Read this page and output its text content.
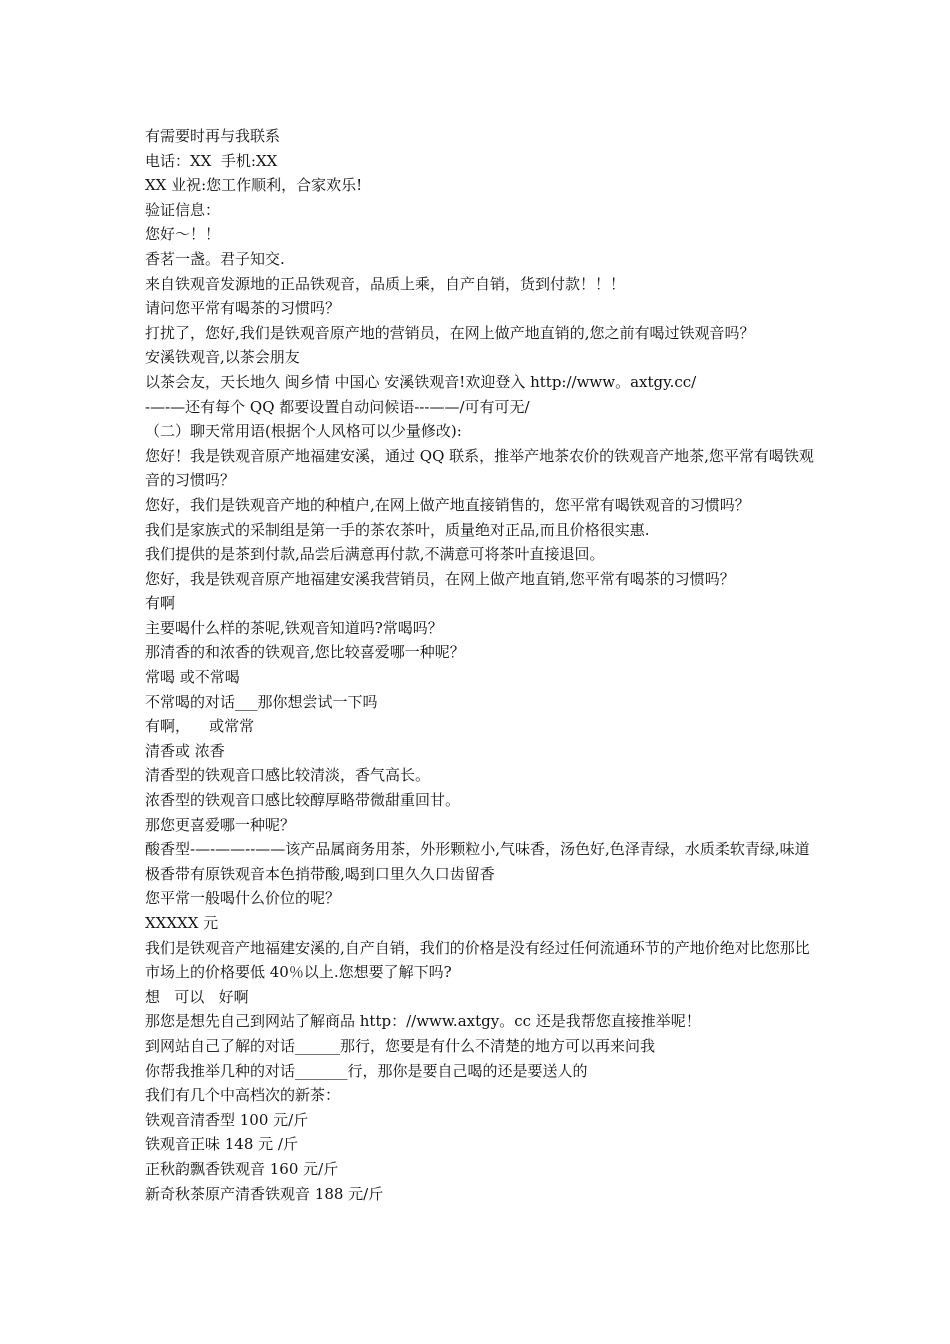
有需要时再与我联系

电话：XX  手机:XX

XX 业祝:您工作顺利，合家欢乐!

验证信息：

您好～！！

香茗一盏。君子知交.

来自铁观音发源地的正品铁观音，品质上乘，自产自销，货到付款！！！

请问您平常有喝茶的习惯吗？

打扰了，您好,我们是铁观音原产地的营销员，在网上做产地直销的,您之前有喝过铁观音吗？

安溪铁观音,以茶会朋友

以茶会友，天长地久 闽乡情 中国心 安溪铁观音!欢迎登入 http://www。axtgy.cc/

-—-—还有每个 QQ 都要设置自动问候语---——/可有可无/

（二）聊天常用语(根据个人风格可以少量修改):

您好！我是铁观音原产地福建安溪，通过 QQ 联系，推举产地茶农价的铁观音产地茶,您平常有喝铁观音的习惯吗？

您好，我们是铁观音产地的种植户,在网上做产地直接销售的，您平常有喝铁观音的习惯吗？

我们是家族式的采制组是第一手的茶农茶叶，质量绝对正品,而且价格很实惠.

我们提供的是茶到付款,品尝后满意再付款,不满意可将茶叶直接退回。

您好，我是铁观音原产地福建安溪我营销员，在网上做产地直销,您平常有喝茶的习惯吗？

有啊

主要喝什么样的茶呢,铁观音知道吗?常喝吗？

那清香的和浓香的铁观音,您比较喜爱哪一种呢？

常喝 或不常喝

不常喝的对话___那你想尝试一下吗

有啊，    或常常

清香或 浓香

清香型的铁观音口感比较清淡，香气高长。

浓香型的铁观音口感比较醇厚略带微甜重回甘。

那您更喜爱哪一种呢？

酸香型-—-——--——该产品属商务用茶，外形颗粒小,气味香，汤色好,色泽青绿，水质柔软青绿,味道极香带有原铁观音本色捎带酸,喝到口里久久口齿留香

您平常一般喝什么价位的呢？

XXXXX 元

我们是铁观音产地福建安溪的,自产自销，我们的价格是没有经过任何流通环节的产地价绝对比您那比市场上的价格要低 40％以上.您想要了解下吗?

想   可以   好啊

那您是想先自己到网站了解商品 http：//www.axtgy。cc 还是我帮您直接推举呢！

到网站自己了解的对话______那行，您要是有什么不清楚的地方可以再来问我

你帮我推举几种的对话_______行，那你是要自己喝的还是要送人的

我们有几个中高档次的新茶：

铁观音清香型 100 元/斤

铁观音正味 148 元 /斤

正秋韵飘香铁观音 160 元/斤

新奇秋茶原产清香铁观音 188 元/斤
